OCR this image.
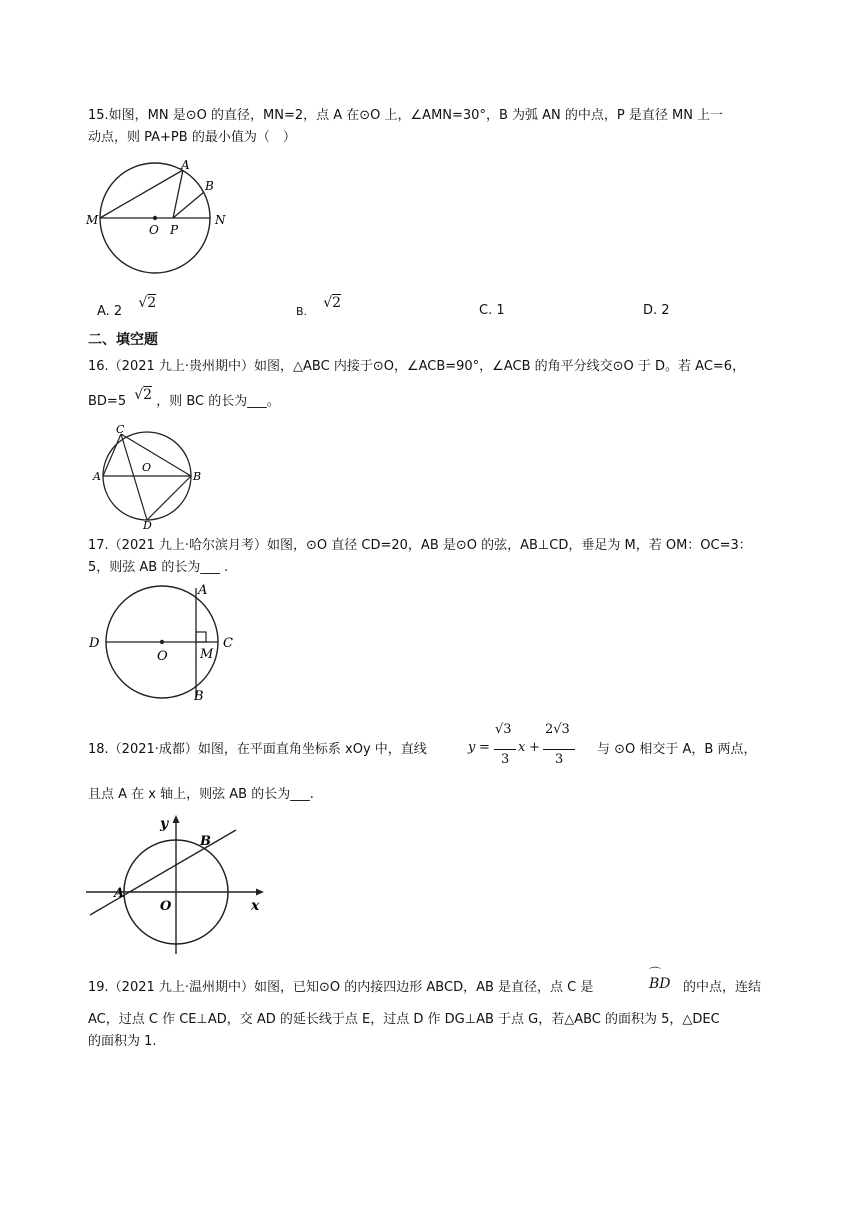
15.如图，MN 是⊙O 的直径，MN=2，点 A 在⊙O 上，∠AMN=30°，B 为弧 AN 的中点，P 是直径 MN 上一
动点，则 PA+PB 的最小值为（　）
M
O P
N
A
B
A. 2 √2
B. √2	C. 1	D. 2
二、填空题
16.（2021 九上·贵州期中）如图，△ABC 内接于⊙O，∠ACB=90°，∠ACB 的角平分线交⊙O 于 D。若 AC=6，
BD=5 √2 ，则 BC 的长为___。
C
A
O
B
D
17.（2021 九上·哈尔滨月考）如图，⊙O 直径 CD=20，AB 是⊙O 的弦，AB⊥CD，垂足为 M，若 OM：OC=3：
5，则弦 AB 的长为___ .
D
O M
C
A
B
18.（2021·成都）如图，在平面直角坐标系 xOy 中，直线	y =
√3
3
x +
2√3
3
与 ⊙O 相交于 A，B 两点，
且点 A 在 x 轴上，则弦 AB 的长为___.
y
x
A
B
O
19.（2021 九上·温州期中）如图，已知⊙O 的内接四边形 ABCD，AB 是直径，点 C 是
⌒
BD 的中点，连结
AC，过点 C 作 CE⊥AD，交 AD 的延长线于点 E，过点 D 作 DG⊥AB 于点 G，若△ABC 的面积为 5，△DEC
的面积为 1.
